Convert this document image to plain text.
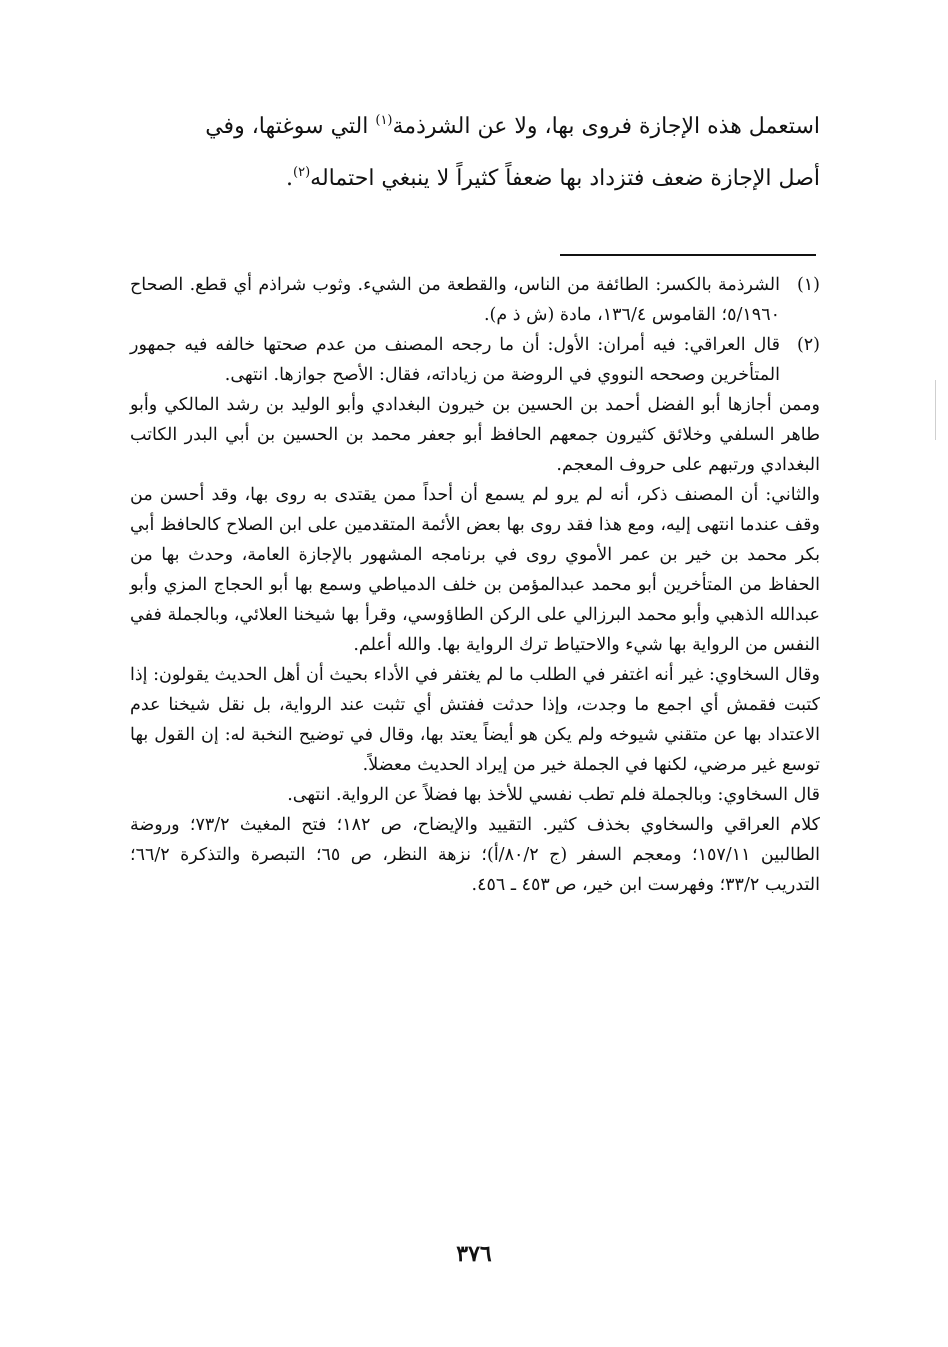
استعمل هذه الإجازة فروى بها، ولا عن الشرذمة$^{(١)}$ التي سوغتها، وفي

أصل الإجازة ضعف فتزداد بها ضعفاً كثيراً لا ينبغي احتماله$^{(٢)}$.

(١)

الشرذمة بالكسر: الطائفة من الناس، والقطعة من الشيء. وثوب شراذم أي قطع. الصحاح ٥/١٩٦٠؛ القاموس ١٣٦/٤، مادة (ش ذ م).

(٢)

قال العراقي: فيه أمران: الأول: أن ما رجحه المصنف من عدم صحتها خالفه فيه جمهور المتأخرين وصححه النووي في الروضة من زياداته، فقال: الأصح جوازها. انتهى.

وممن أجازها أبو الفضل أحمد بن الحسين بن خيرون البغدادي وأبو الوليد بن رشد المالكي وأبو طاهر السلفي وخلائق كثيرون جمعهم الحافظ أبو جعفر محمد بن الحسين بن أبي البدر الكاتب البغدادي ورتبهم على حروف المعجم.

والثاني: أن المصنف ذكر، أنه لم يرو لم يسمع أن أحداً ممن يقتدى به روى بها، وقد أحسن من وقف عندما انتهى إليه، ومع هذا فقد روى بها بعض الأئمة المتقدمين على ابن الصلاح كالحافظ أبي بكر محمد بن خير بن عمر الأموي روى في برنامجه المشهور بالإجازة العامة، وحدث بها من الحفاظ من المتأخرين أبو محمد عبدالمؤمن بن خلف الدمياطي وسمع بها أبو الحجاج المزي وأبو عبدالله الذهبي وأبو محمد البرزالي على الركن الطاؤوسي، وقرأ بها شيخنا العلائي، وبالجملة ففي النفس من الرواية بها شيء والاحتياط ترك الرواية بها. والله أعلم.

وقال السخاوي: غير أنه اغتفر في الطلب ما لم يغتفر في الأداء بحيث أن أهل الحديث يقولون: إذا كتبت فقمش أي اجمع ما وجدت، وإذا حدثت ففتش أي تثبت عند الرواية، بل نقل شيخنا عدم الاعتداد بها عن متقني شيوخه ولم يكن هو أيضاً يعتد بها، وقال في توضيح النخبة له: إن القول بها توسع غير مرضي، لكنها في الجملة خير من إيراد الحديث معضلاً.

قال السخاوي: وبالجملة فلم تطب نفسي للأخذ بها فضلاً عن الرواية. انتهى.

كلام العراقي والسخاوي بخذف كثير. التقييد والإيضاح، ص ١٨٢؛ فتح المغيث ٧٣/٢؛ وروضة الطالبين ١٥٧/١١؛ ومعجم السفر (ج ٨٠/٢/أ)؛ نزهة النظر، ص ٦٥؛ التبصرة والتذكرة ٦٦/٢؛ التدريب ٣٣/٢؛ وفهرست ابن خير، ص ٤٥٣ ـ ٤٥٦.

٣٧٦
